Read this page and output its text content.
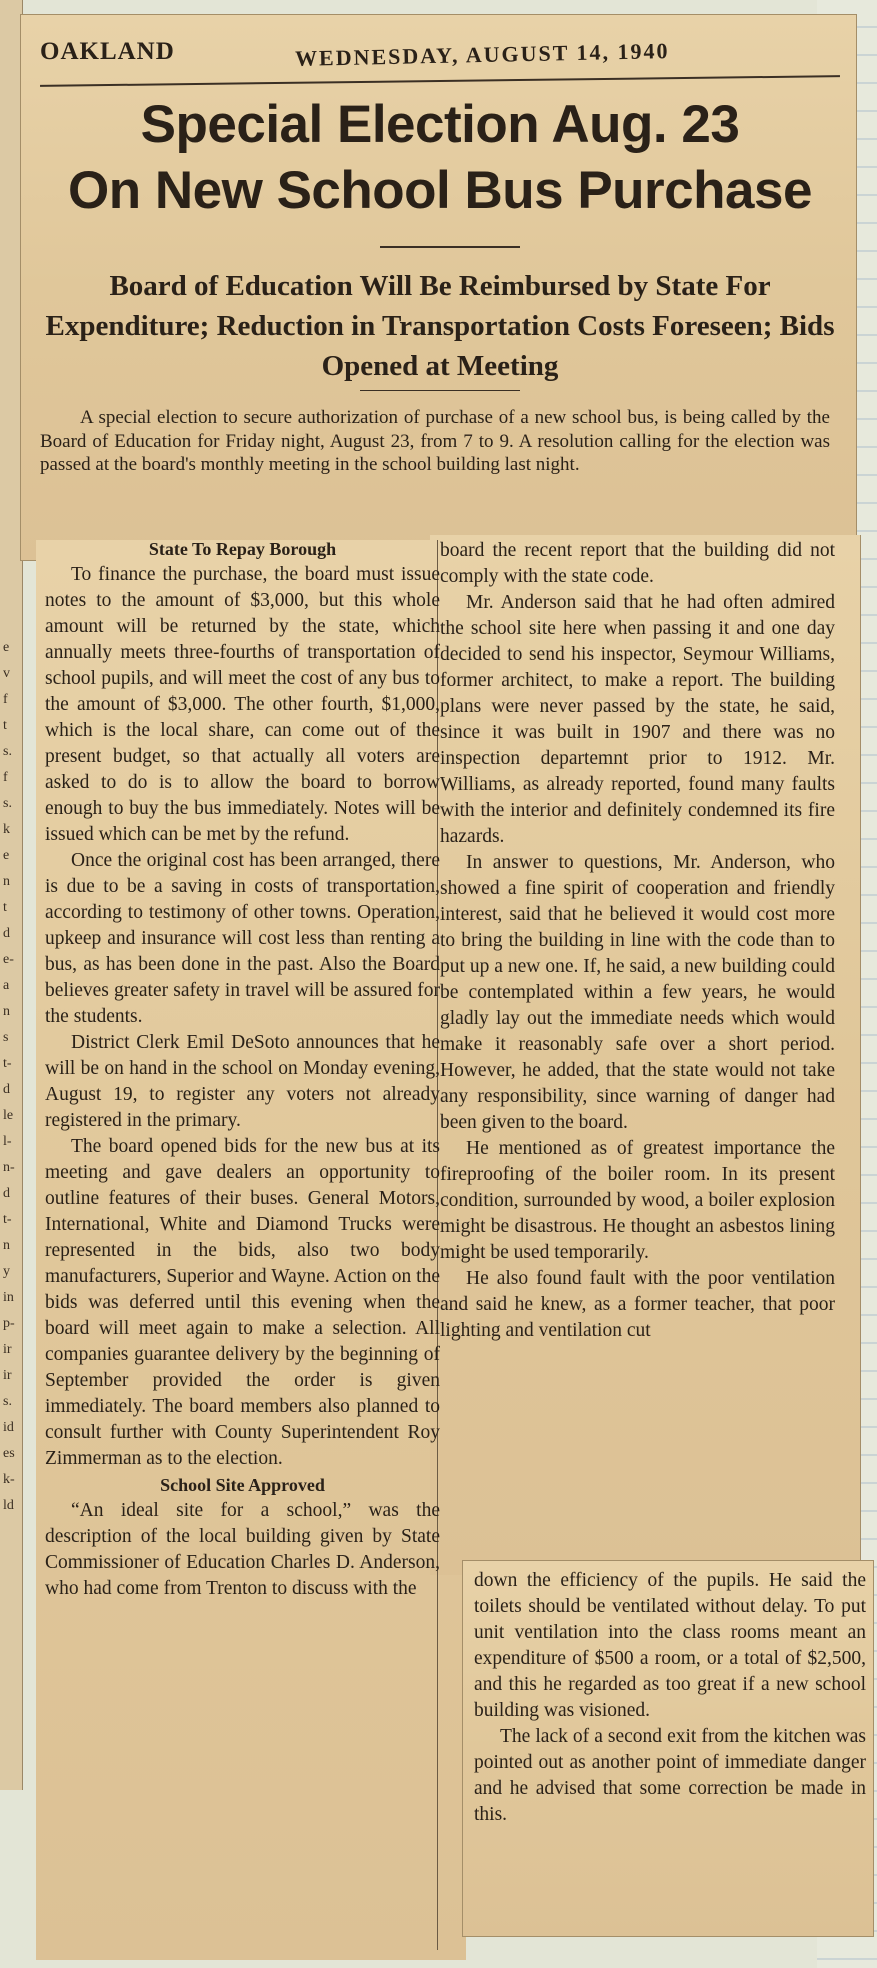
e
v
f
t
s.
f
s.
k
e
n
t
d
e-
a
n
s
t-
d
le
l-
n-
d
t-
n
y
in
p-
ir
ir
s.
id
es
k-
ld
OAKLAND	WEDNESDAY, AUGUST 14, 1940
Special Election Aug. 23
On New School Bus Purchase
Board of Education Will Be Reimbursed by State For Expenditure; Reduction in Transportation Costs Foreseen; Bids Opened at Meeting
A special election to secure authorization of purchase of a new school bus, is being called by the Board of Education for Friday night, August 23, from 7 to 9. A resolution calling for the election was passed at the board's monthly meeting in the school building last night.

State To Repay Borough

To finance the purchase, the board must issue notes to the amount of $3,000, but this whole amount will be returned by the state, which annually meets three-fourths of transportation of school pupils, and will meet the cost of any bus to the amount of $3,000. The other fourth, $1,000, which is the local share, can come out of the present budget, so that actually all voters are asked to do is to allow the board to borrow enough to buy the bus immediately. Notes will be issued which can be met by the refund.

Once the original cost has been arranged, there is due to be a saving in costs of transportation, according to testimony of other towns. Operation, upkeep and insurance will cost less than renting a bus, as has been done in the past. Also the Board believes greater safety in travel will be assured for the students.

District Clerk Emil DeSoto announces that he will be on hand in the school on Monday evening, August 19, to register any voters not already registered in the primary.

The board opened bids for the new bus at its meeting and gave dealers an opportunity to outline features of their buses. General Motors, International, White and Diamond Trucks were represented in the bids, also two body manufacturers, Superior and Wayne. Action on the bids was deferred until this evening when the board will meet again to make a selection. All companies guarantee delivery by the beginning of September provided the order is given immediately. The board members also planned to consult further with County Superintendent Roy Zimmerman as to the election.

School Site Approved

“An ideal site for a school,” was the description of the local building given by State Commissioner of Education Charles D. Anderson, who had come from Trenton to discuss with the

board the recent report that the building did not comply with the state code.

Mr. Anderson said that he had often admired the school site here when passing it and one day decided to send his inspector, Seymour Williams, former architect, to make a report. The building plans were never passed by the state, he said, since it was built in 1907 and there was no inspection departemnt prior to 1912. Mr. Williams, as already reported, found many faults with the interior and definitely condemned its fire hazards.

In answer to questions, Mr. Anderson, who showed a fine spirit of cooperation and friendly interest, said that he believed it would cost more to bring the building in line with the code than to put up a new one. If, he said, a new building could be contemplated within a few years, he would gladly lay out the immediate needs which would make it reasonably safe over a short period. However, he added, that the state would not take any responsibility, since warning of danger had been given to the board.

He mentioned as of greatest importance the fireproofing of the boiler room. In its present condition, surrounded by wood, a boiler explosion might be disastrous. He thought an asbestos lining might be used temporarily.

He also found fault with the poor ventilation and said he knew, as a former teacher, that poor lighting and ventilation cut

down the efficiency of the pupils. He said the toilets should be ventilated without delay. To put unit ventilation into the class rooms meant an expenditure of $500 a room, or a total of $2,500, and this he regarded as too great if a new school building was visioned.

The lack of a second exit from the kitchen was pointed out as another point of immediate danger and he advised that some correction be made in this.
